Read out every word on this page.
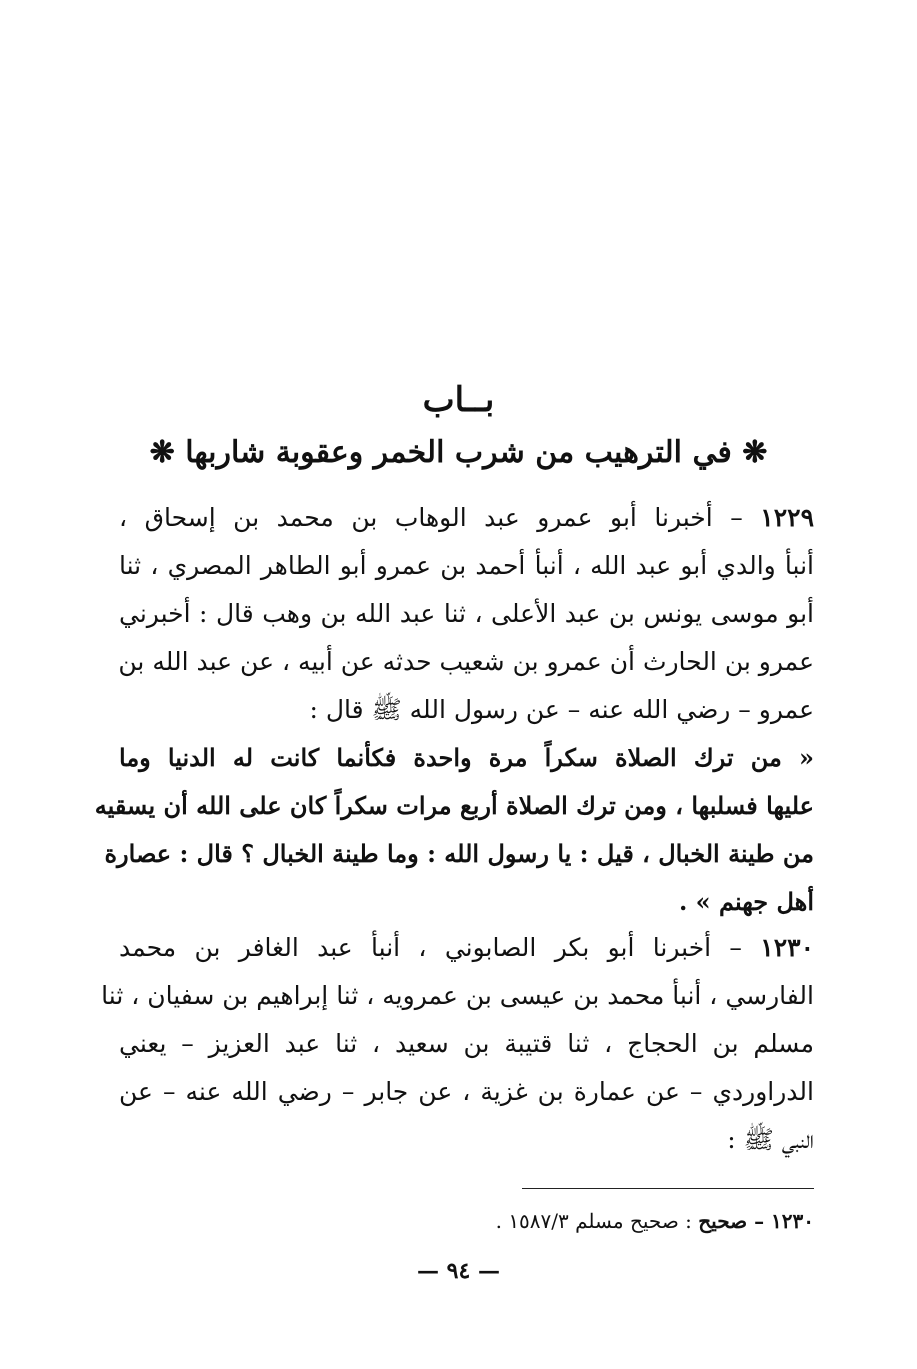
بــاب
❋ في الترهيب من شرب الخمر وعقوبة شاربها ❋
١٢٢٩ – أخبرنا أبو عمرو عبد الوهاب بن محمد بن إسحاق ،
أنبأ والدي أبو عبد الله ، أنبأ أحمد بن عمرو أبو الطاهر المصري ، ثنا
أبو موسى يونس بن عبد الأعلى ، ثنا عبد الله بن وهب قال : أخبرني
عمرو بن الحارث أن عمرو بن شعيب حدثه عن أبيه ، عن عبد الله بن
عمرو – رضي الله عنه – عن رسول الله ﷺ قال :
« من ترك الصلاة سكراً مرة واحدة فكأنما كانت له الدنيا وما
عليها فسلبها ، ومن ترك الصلاة أربع مرات سكراً كان على الله أن يسقيه
من طينة الخبال ، قيل : يا رسول الله : وما طينة الخبال ؟ قال : عصارة
أهل جهنم » .
١٢٣٠ – أخبرنا أبو بكر الصابوني ، أنبأ عبد الغافر بن محمد
الفارسي ، أنبأ محمد بن عيسى بن عمرويه ، ثنا إبراهيم بن سفيان ، ثنا
مسلم بن الحجاج ، ثنا قتيبة بن سعيد ، ثنا عبد العزيز – يعني
الدراوردي – عن عمارة بن غزية ، عن جابر – رضي الله عنه – عن
النبي ﷺ :
١٢٣٠ – صحيح : صحيح مسلم ١٥٨٧/٣ .
— ٩٤ —
